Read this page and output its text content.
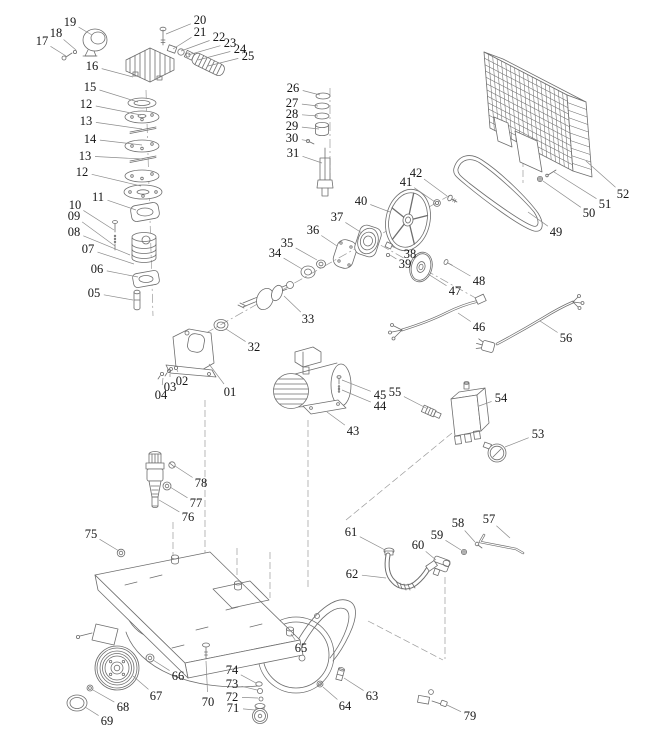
19
18
17
16
15
12
13
14
13
12
11
10
09
08
07
06
05
20
21 22
23
24
25
26
27
28
29
30
31
42
41
40
37
36
35
34	38
39
33
32
49
50
51
52
48
47
46
56
45 55
44
43
54
53
02
03
04	01
78
77
76
75	61
60
59
58 57
62
65
66
67
68
69
70
74
73
72
71	64
63
79
